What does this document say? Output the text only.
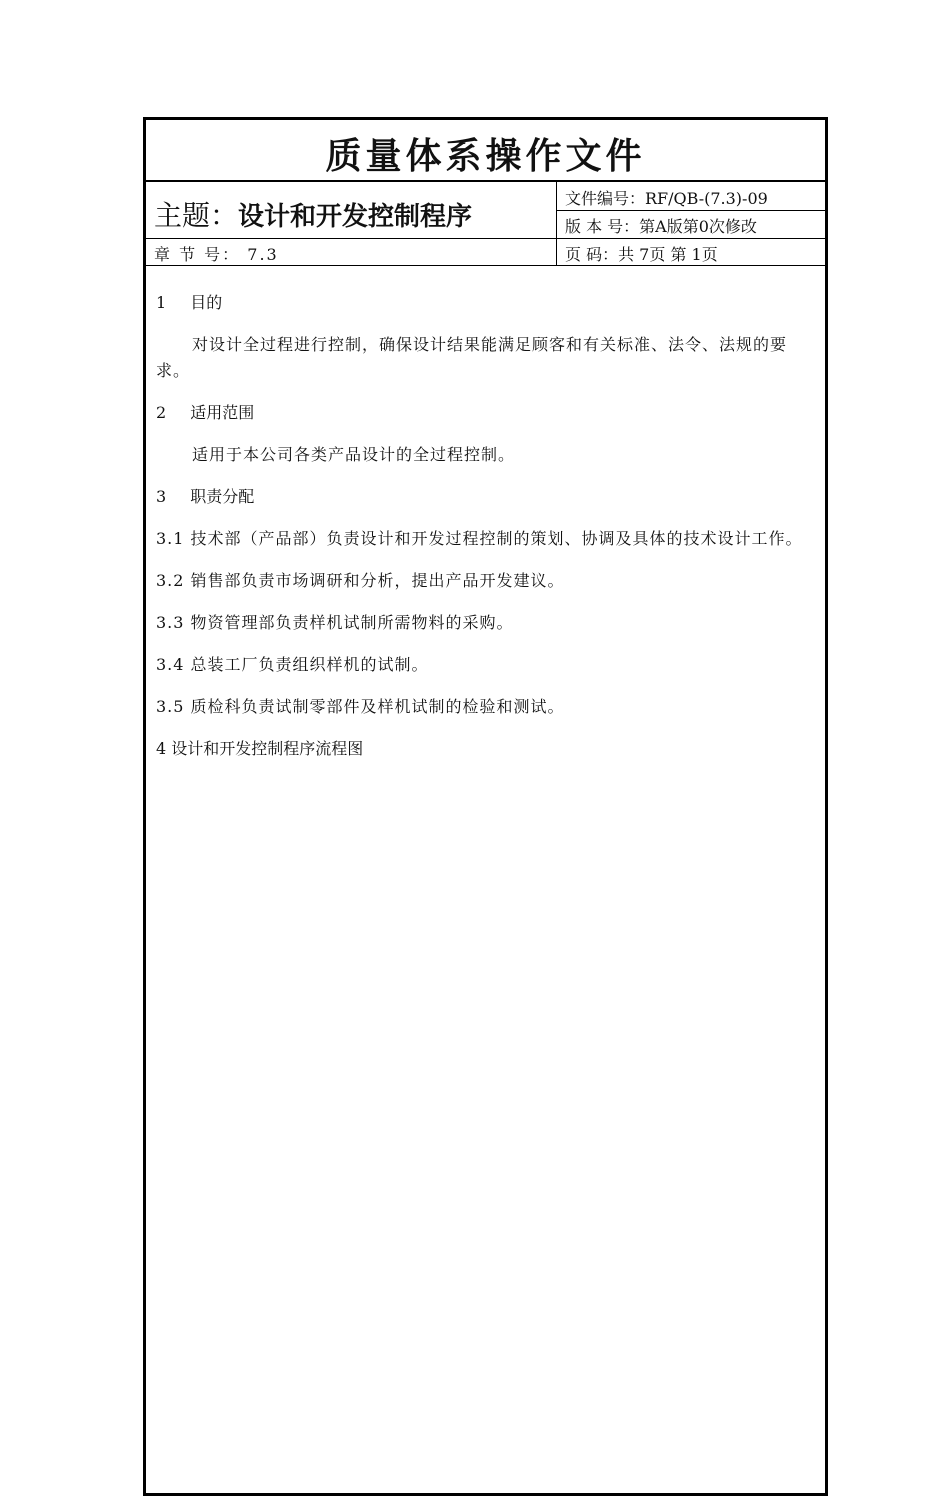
质量体系操作文件
主题：设计和开发控制程序
文件编号：RF/QB-(7.3)-09
版 本 号：第A版第0次修改
章 节 号： 7.3	页 码：共 7页 第 1页
1 目的
对设计全过程进行控制，确保设计结果能满足顾客和有关标准、法令、法规的要求。
2 适用范围
适用于本公司各类产品设计的全过程控制。
3 职责分配
3.1 技术部（产品部）负责设计和开发过程控制的策划、协调及具体的技术设计工作。
3.2 销售部负责市场调研和分析，提出产品开发建议。
3.3 物资管理部负责样机试制所需物料的采购。
3.4 总装工厂负责组织样机的试制。
3.5 质检科负责试制零部件及样机试制的检验和测试。
4 设计和开发控制程序流程图
